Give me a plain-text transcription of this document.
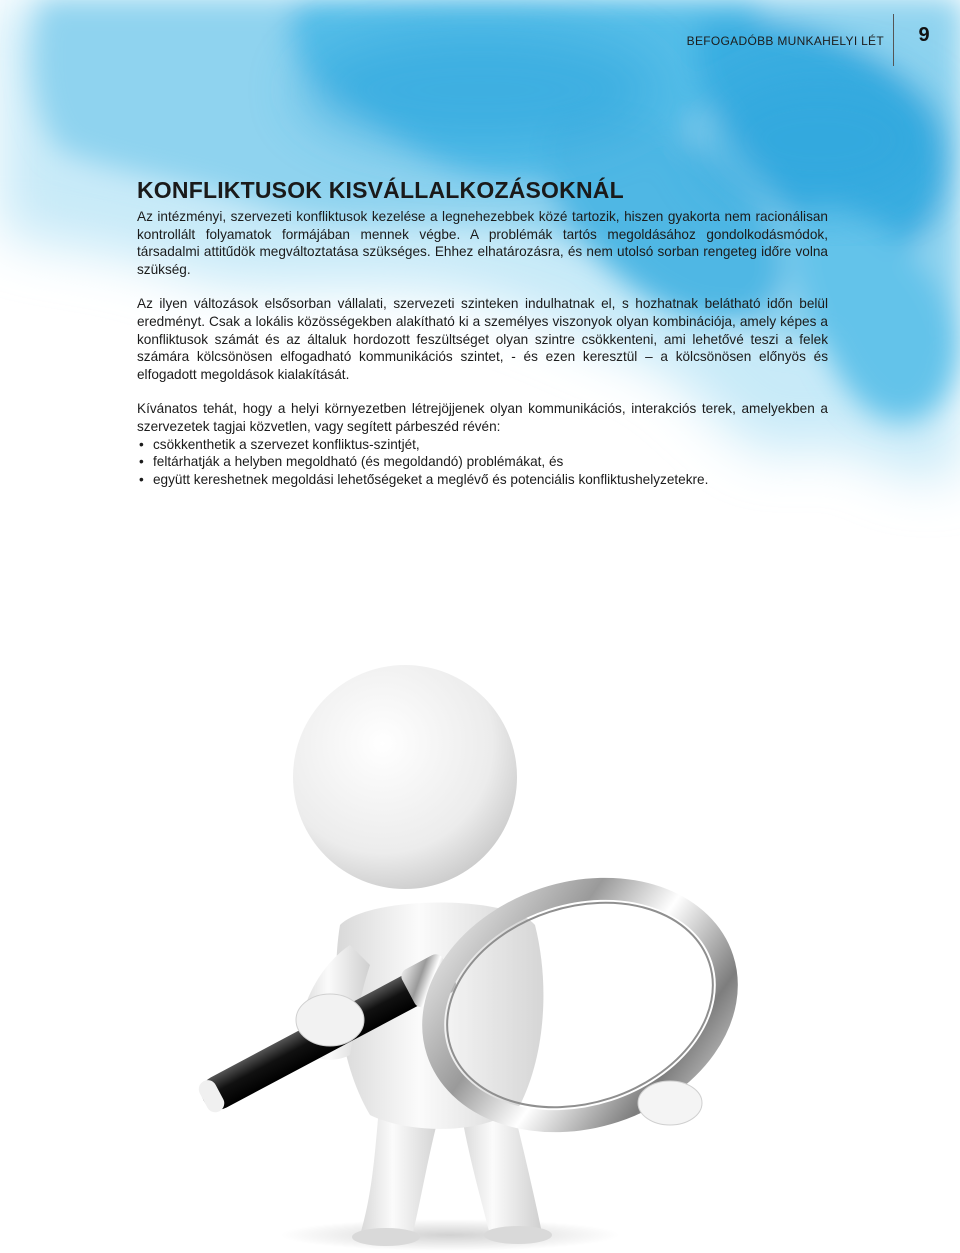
BEFOGADÓBB MUNKAHELYI LÉT	9
KONFLIKTUSOK KISVÁLLALKOZÁSOKNÁL

Az intézményi, szervezeti konfliktusok kezelése a legnehezebbek közé tartozik, hiszen gyakorta nem racionálisan kontrollált folyamatok formájában mennek végbe. A problémák tartós megoldásához gondolkodásmódok, társadalmi attitűdök megváltoztatása szükséges. Ehhez elhatározásra, és nem utolsó sorban rengeteg időre volna szükség.

Az ilyen változások elsősorban vállalati, szervezeti szinteken indulhatnak el, s hozhatnak belátható időn belül eredményt. Csak a lokális közösségekben alakítható ki a személyes viszonyok olyan kombinációja, amely képes a konfliktusok számát és az általuk hordozott feszültséget olyan szintre csökkenteni, ami lehetővé teszi a felek számára kölcsönösen elfogadható kommunikációs szintet, - és ezen keresztül – a kölcsönösen előnyös és elfogadott megoldások kialakítását.

Kívánatos tehát, hogy a helyi környezetben létrejöjjenek olyan kommunikációs, interakciós terek, amelyekben a szervezetek tagjai közvetlen, vagy segített párbeszéd révén:

• csökkenthetik a szervezet konfliktus-szintjét,
• feltárhatják a helyben megoldható (és megoldandó) problémákat, és
• együtt kereshetnek megoldási lehetőségeket a meglévő és potenciális konfliktushelyzetekre.
